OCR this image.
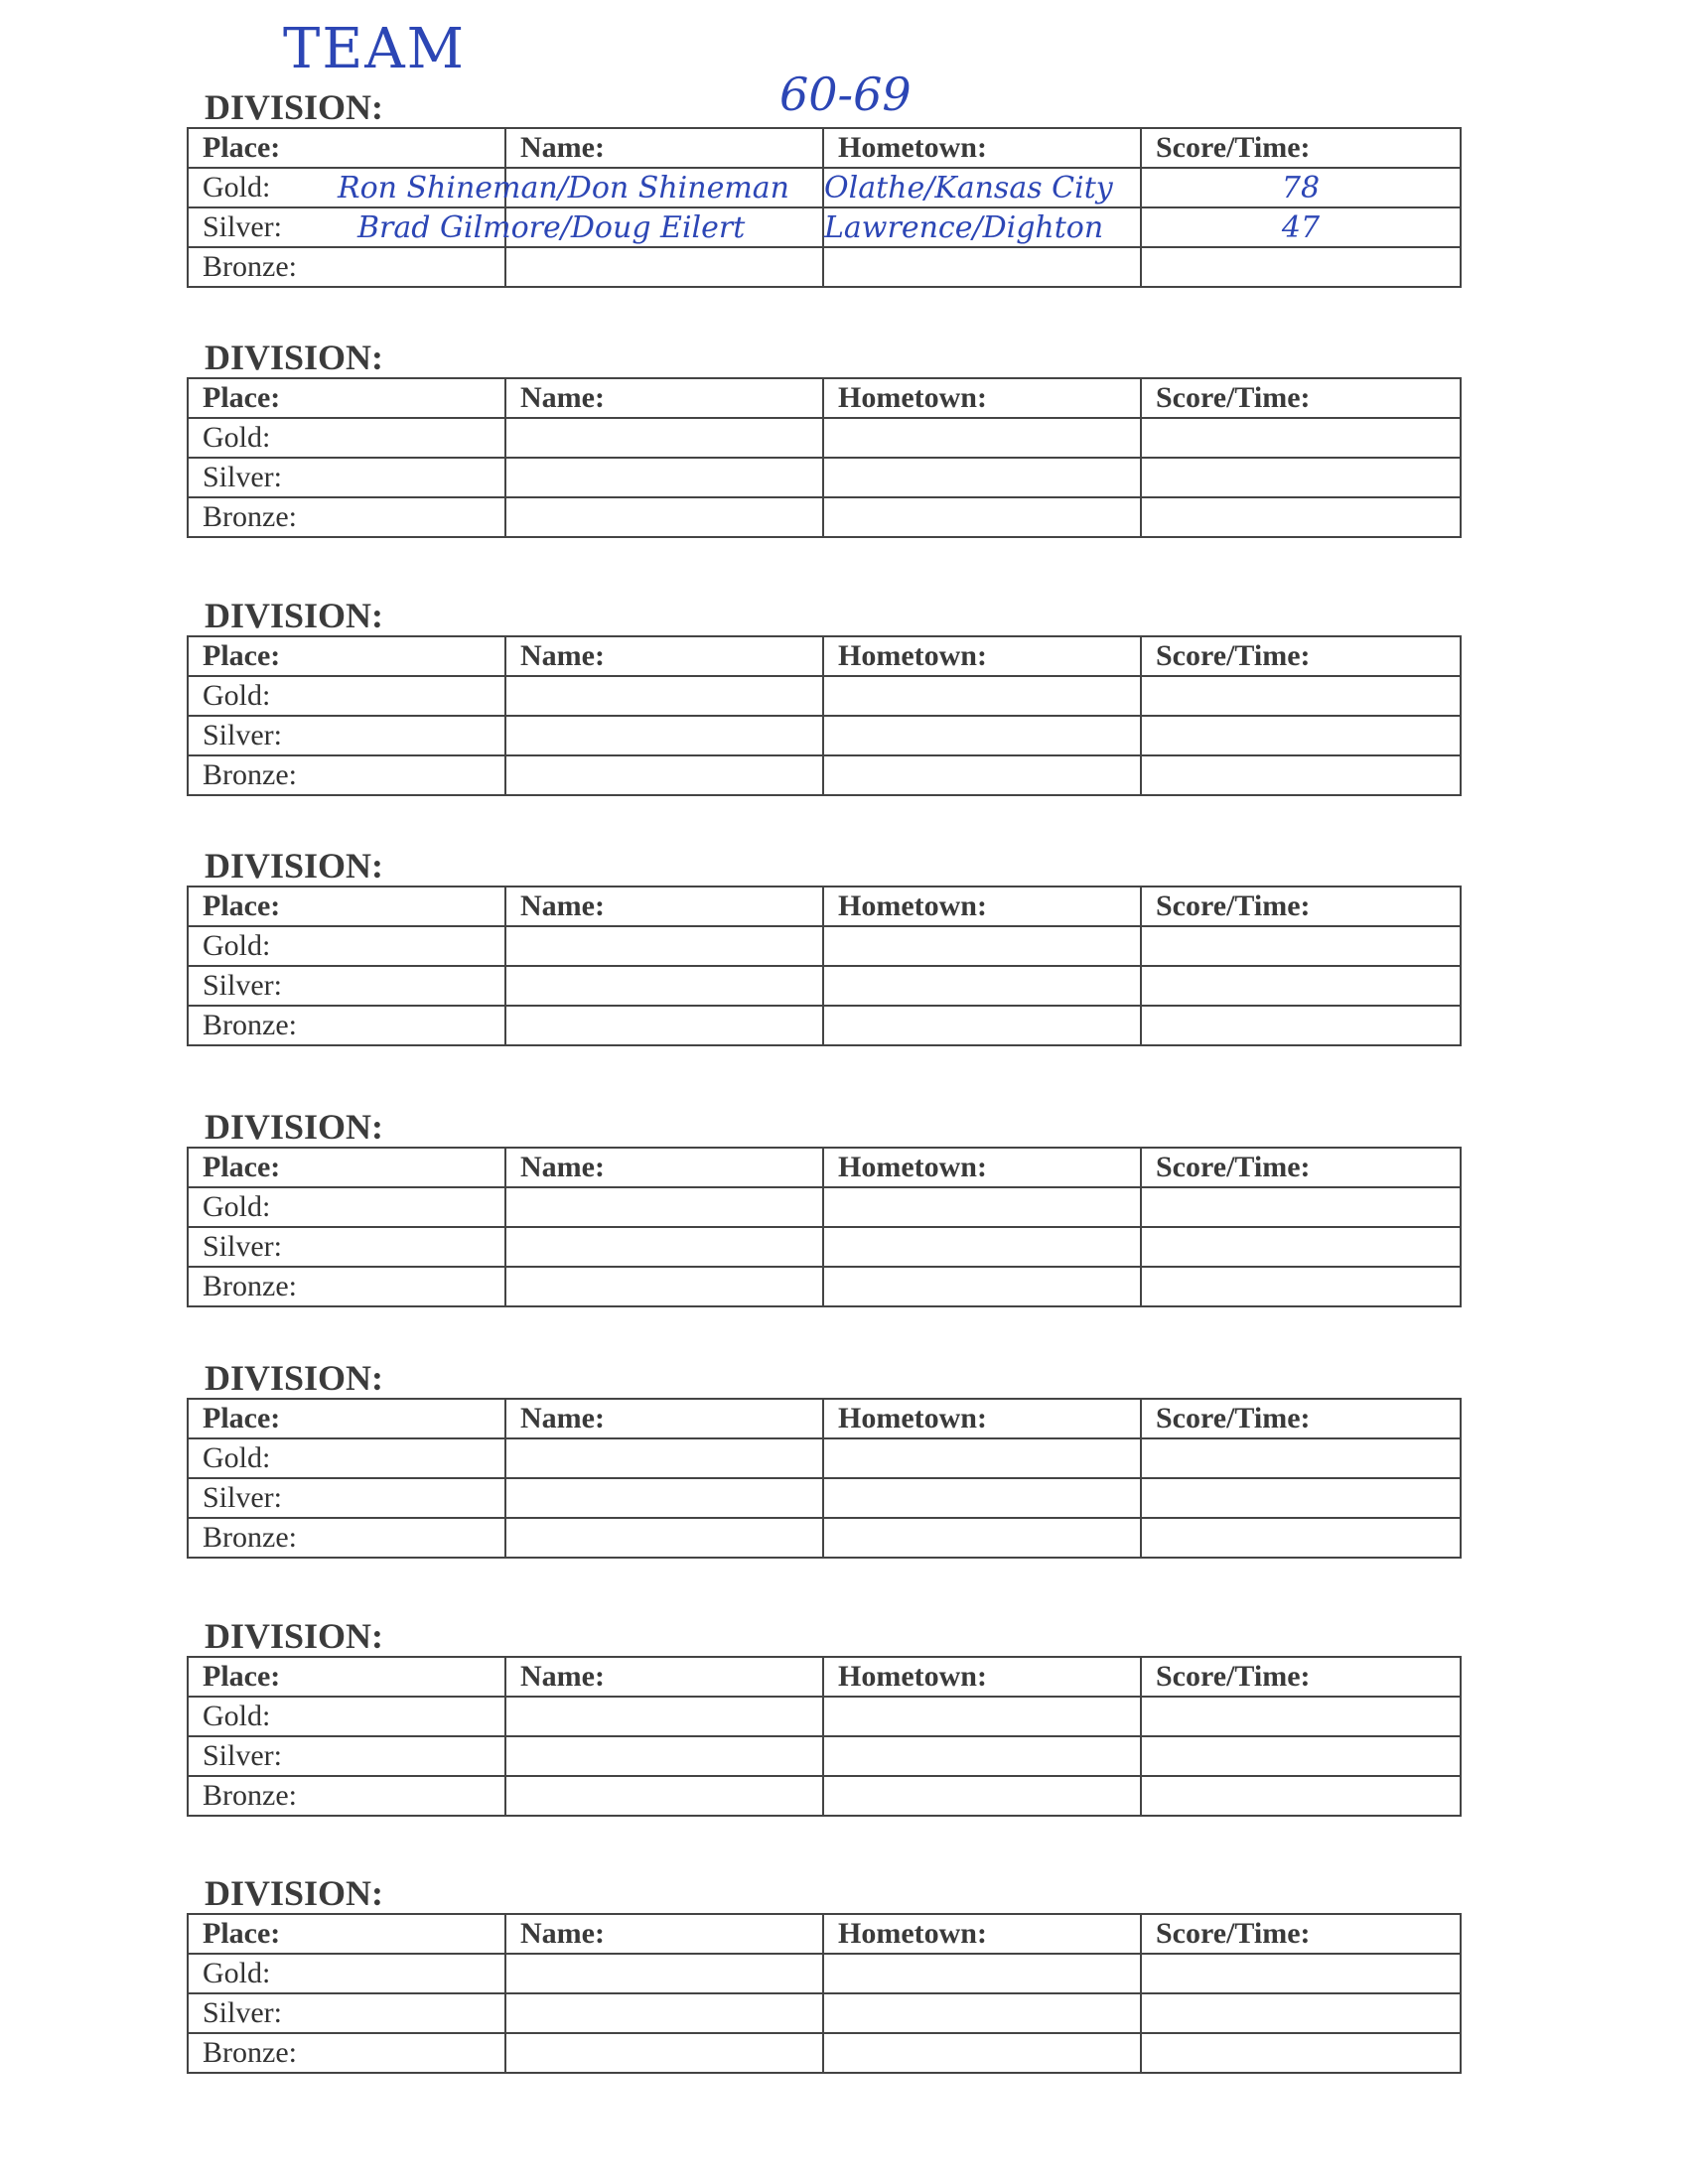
TEAM
60-69
DIVISION:
Place:	Name:	Hometown:	Score/Time:
Gold:	Ron Shineman/Don Shineman	Olathe/Kansas City	78
Silver:	Brad Gilmore/Doug Eilert	Lawrence/Dighton	47
Bronze:			
DIVISION:
Place:	Name:	Hometown:	Score/Time:
Gold:			
Silver:			
Bronze:			
DIVISION:
Place:	Name:	Hometown:	Score/Time:
Gold:			
Silver:			
Bronze:			
DIVISION:
Place:	Name:	Hometown:	Score/Time:
Gold:			
Silver:			
Bronze:			
DIVISION:
Place:	Name:	Hometown:	Score/Time:
Gold:			
Silver:			
Bronze:			
DIVISION:
Place:	Name:	Hometown:	Score/Time:
Gold:			
Silver:			
Bronze:			
DIVISION:
Place:	Name:	Hometown:	Score/Time:
Gold:			
Silver:			
Bronze:			
DIVISION:
Place:	Name:	Hometown:	Score/Time:
Gold:			
Silver:			
Bronze:			
